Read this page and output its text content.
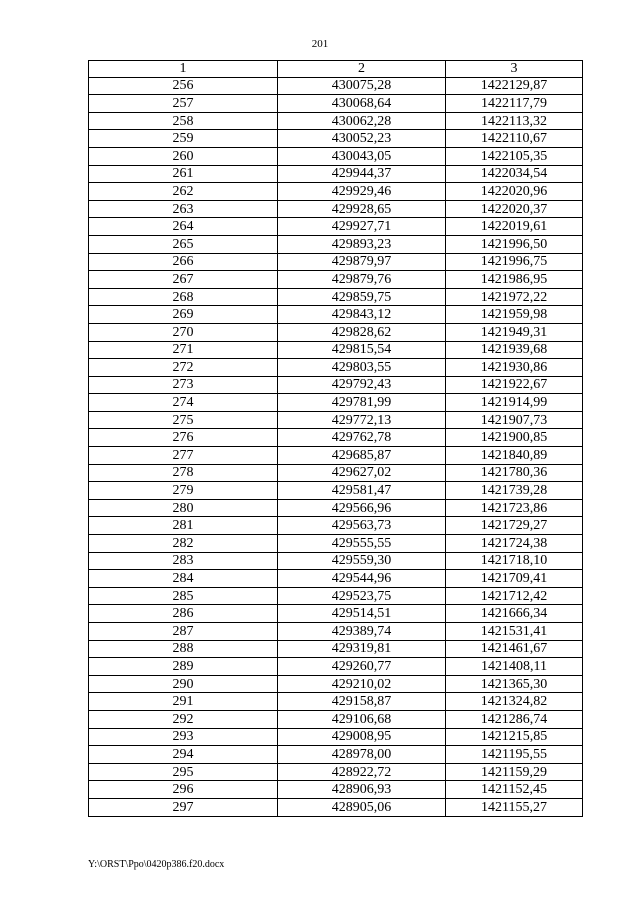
201
1	2	3
256	430075,28	1422129,87
257	430068,64	1422117,79
258	430062,28	1422113,32
259	430052,23	1422110,67
260	430043,05	1422105,35
261	429944,37	1422034,54
262	429929,46	1422020,96
263	429928,65	1422020,37
264	429927,71	1422019,61
265	429893,23	1421996,50
266	429879,97	1421996,75
267	429879,76	1421986,95
268	429859,75	1421972,22
269	429843,12	1421959,98
270	429828,62	1421949,31
271	429815,54	1421939,68
272	429803,55	1421930,86
273	429792,43	1421922,67
274	429781,99	1421914,99
275	429772,13	1421907,73
276	429762,78	1421900,85
277	429685,87	1421840,89
278	429627,02	1421780,36
279	429581,47	1421739,28
280	429566,96	1421723,86
281	429563,73	1421729,27
282	429555,55	1421724,38
283	429559,30	1421718,10
284	429544,96	1421709,41
285	429523,75	1421712,42
286	429514,51	1421666,34
287	429389,74	1421531,41
288	429319,81	1421461,67
289	429260,77	1421408,11
290	429210,02	1421365,30
291	429158,87	1421324,82
292	429106,68	1421286,74
293	429008,95	1421215,85
294	428978,00	1421195,55
295	428922,72	1421159,29
296	428906,93	1421152,45
297	428905,06	1421155,27
Y:\ORST\Ppo\0420p386.f20.docx
